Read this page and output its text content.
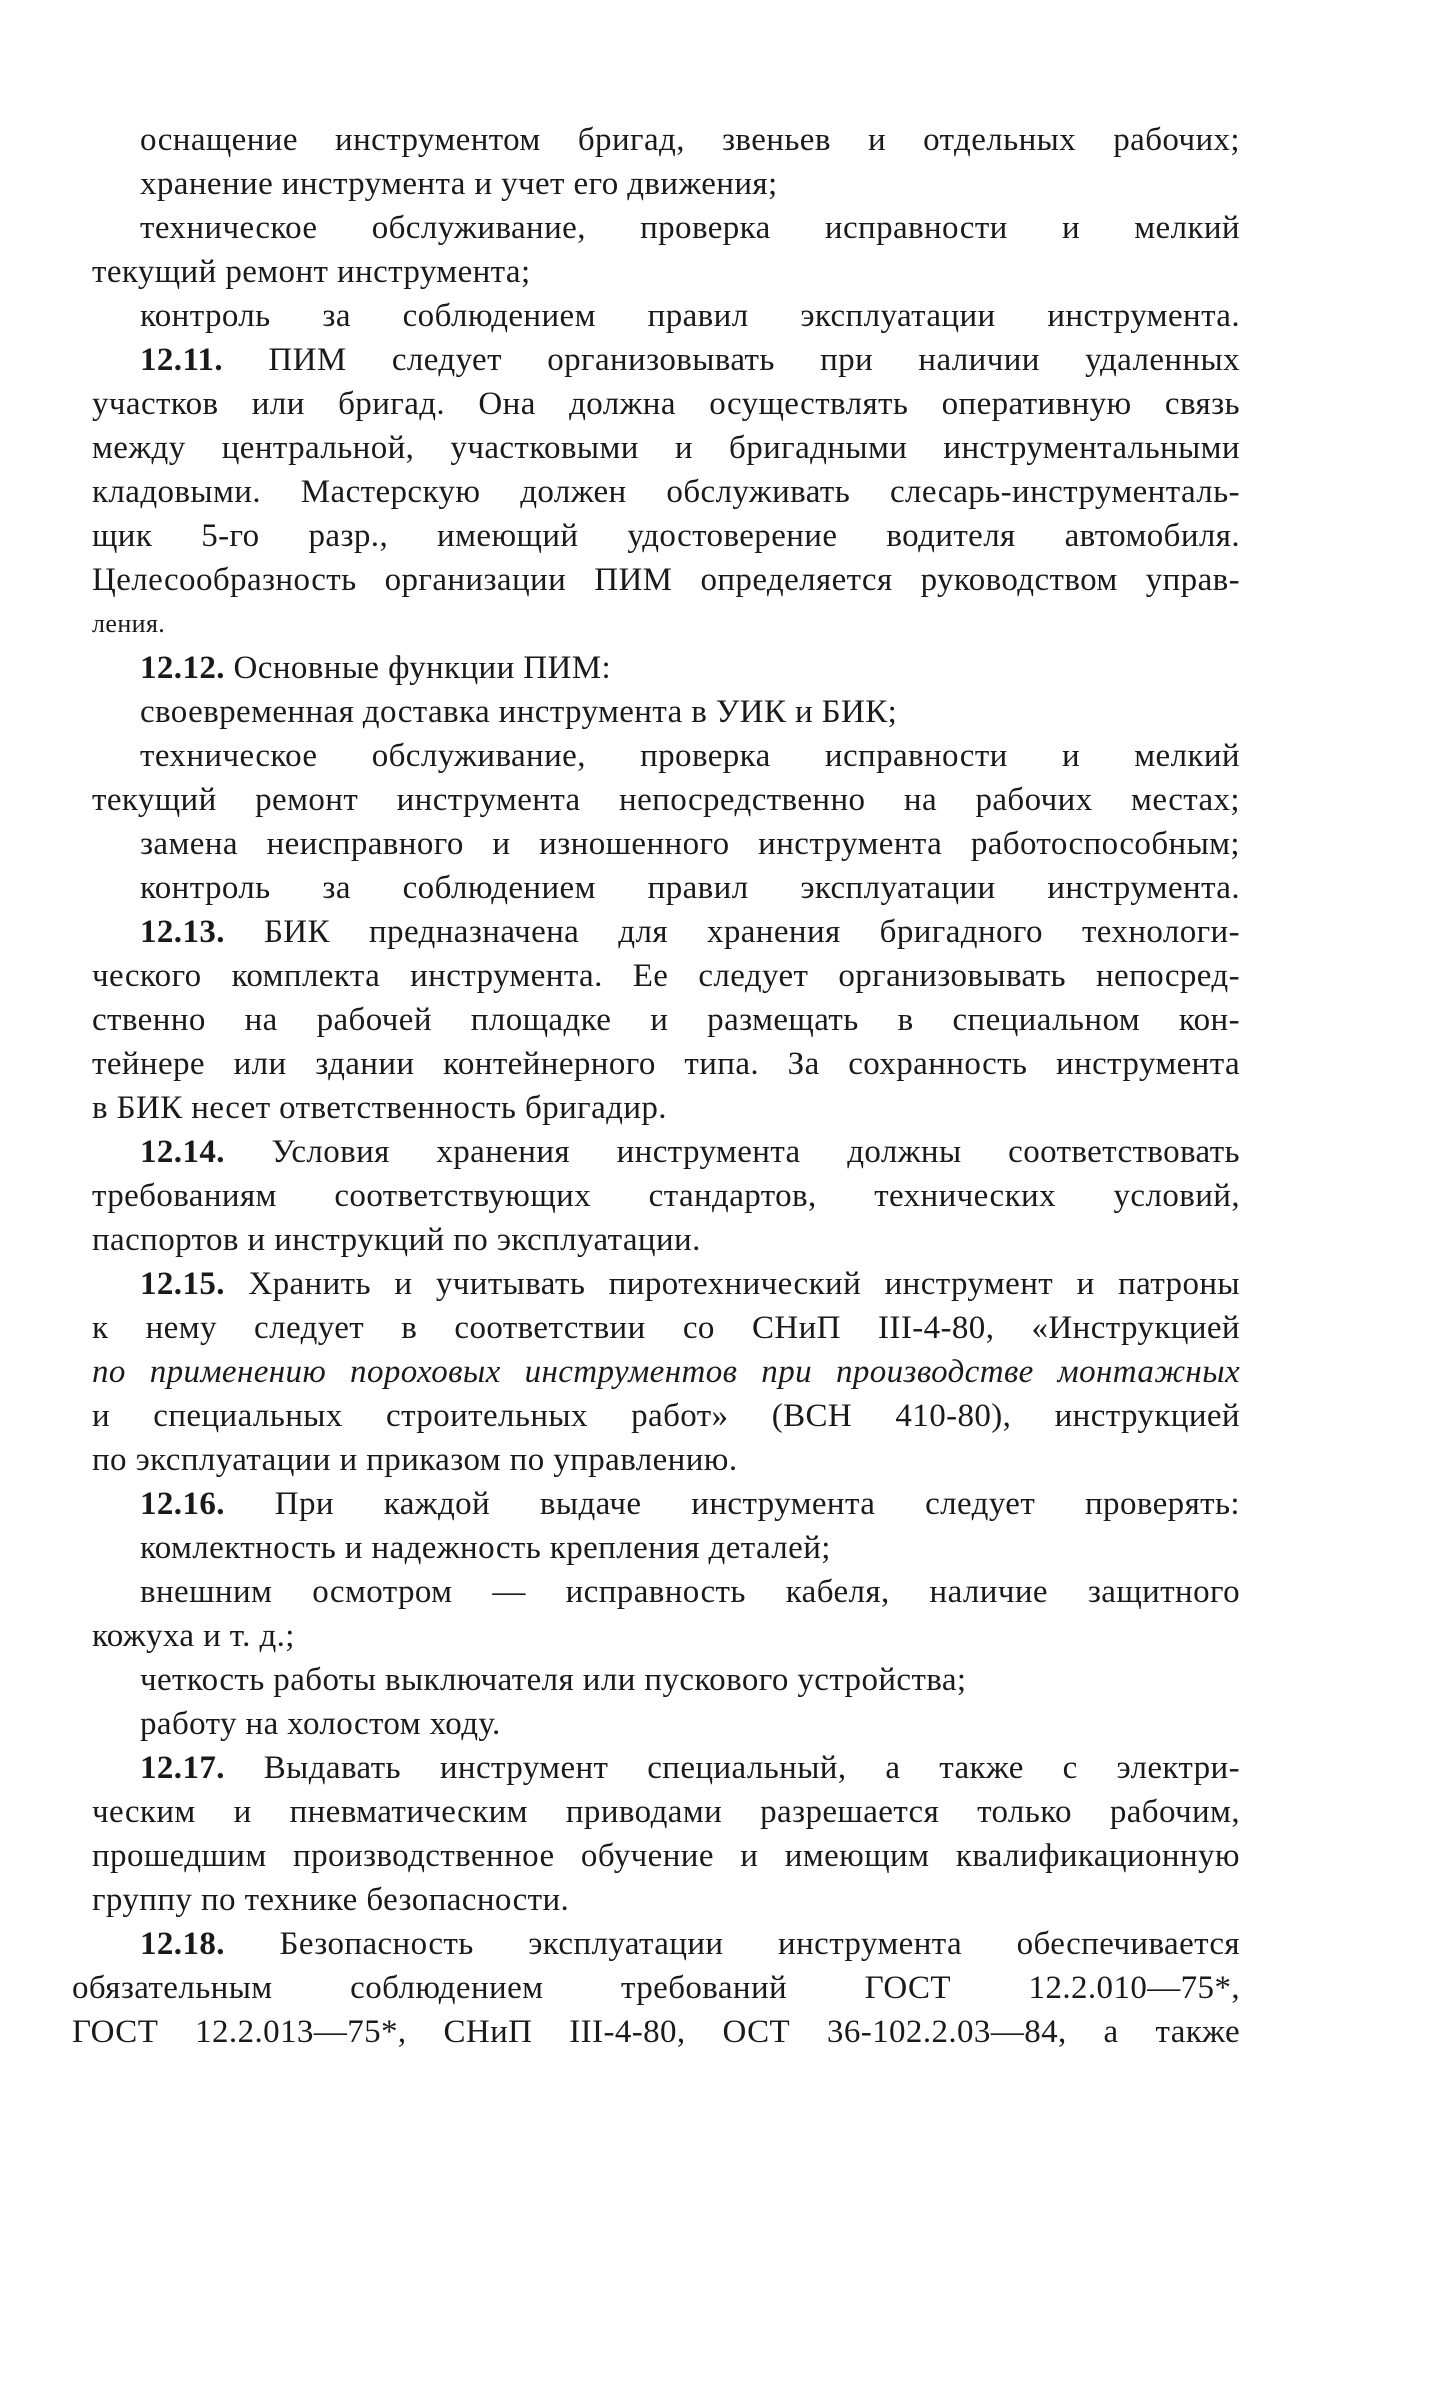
оснащение инструментом бригад, звеньев и отдельных рабочих;
хранение инструмента и учет его движения;
техническое обслуживание, проверка исправности и мелкий
текущий ремонт инструмента;
контроль за соблюдением правил эксплуатации инструмента.
12.11. ПИМ следует организовывать при наличии удаленных
участков или бригад. Она должна осуществлять оперативную связь
между центральной, участковыми и бригадными инструментальными
кладовыми. Мастерскую должен обслуживать слесарь-инструменталь-
щик 5-го разр., имеющий удостоверение водителя автомобиля.
Целесообразность организации ПИМ определяется руководством управ-
ления.
12.12. Основные функции ПИМ:
своевременная доставка инструмента в УИК и БИК;
техническое обслуживание, проверка исправности и мелкий
текущий ремонт инструмента непосредственно на рабочих местах;
замена неисправного и изношенного инструмента работоспособным;
контроль за соблюдением правил эксплуатации инструмента.
12.13. БИК предназначена для хранения бригадного технологи-
ческого комплекта инструмента. Ее следует организовывать непосред-
ственно на рабочей площадке и размещать в специальном кон-
тейнере или здании контейнерного типа. За сохранность инструмента
в БИК несет ответственность бригадир.
12.14. Условия хранения инструмента должны соответствовать
требованиям соответствующих стандартов, технических условий,
паспортов и инструкций по эксплуатации.
12.15. Хранить и учитывать пиротехнический инструмент и патроны
к нему следует в соответствии со СНиП III-4-80, «Инструкцией
по применению пороховых инструментов при производстве монтажных
и специальных строительных работ» (ВСН 410-80), инструкцией
по эксплуатации и приказом по управлению.
12.16. При каждой выдаче инструмента следует проверять:
комлектность и надежность крепления деталей;
внешним осмотром — исправность кабеля, наличие защитного
кожуха и т. д.;
четкость работы выключателя или пускового устройства;
работу на холостом ходу.
12.17. Выдавать инструмент специальный, а также с электри-
ческим и пневматическим приводами разрешается только рабочим,
прошедшим производственное обучение и имеющим квалификационную
группу по технике безопасности.
12.18. Безопасность эксплуатации инструмента обеспечивается
обязательным соблюдением требований ГОСТ 12.2.010—75*,
ГОСТ 12.2.013—75*, СНиП III-4-80, ОСТ 36-102.2.03—84, а также
